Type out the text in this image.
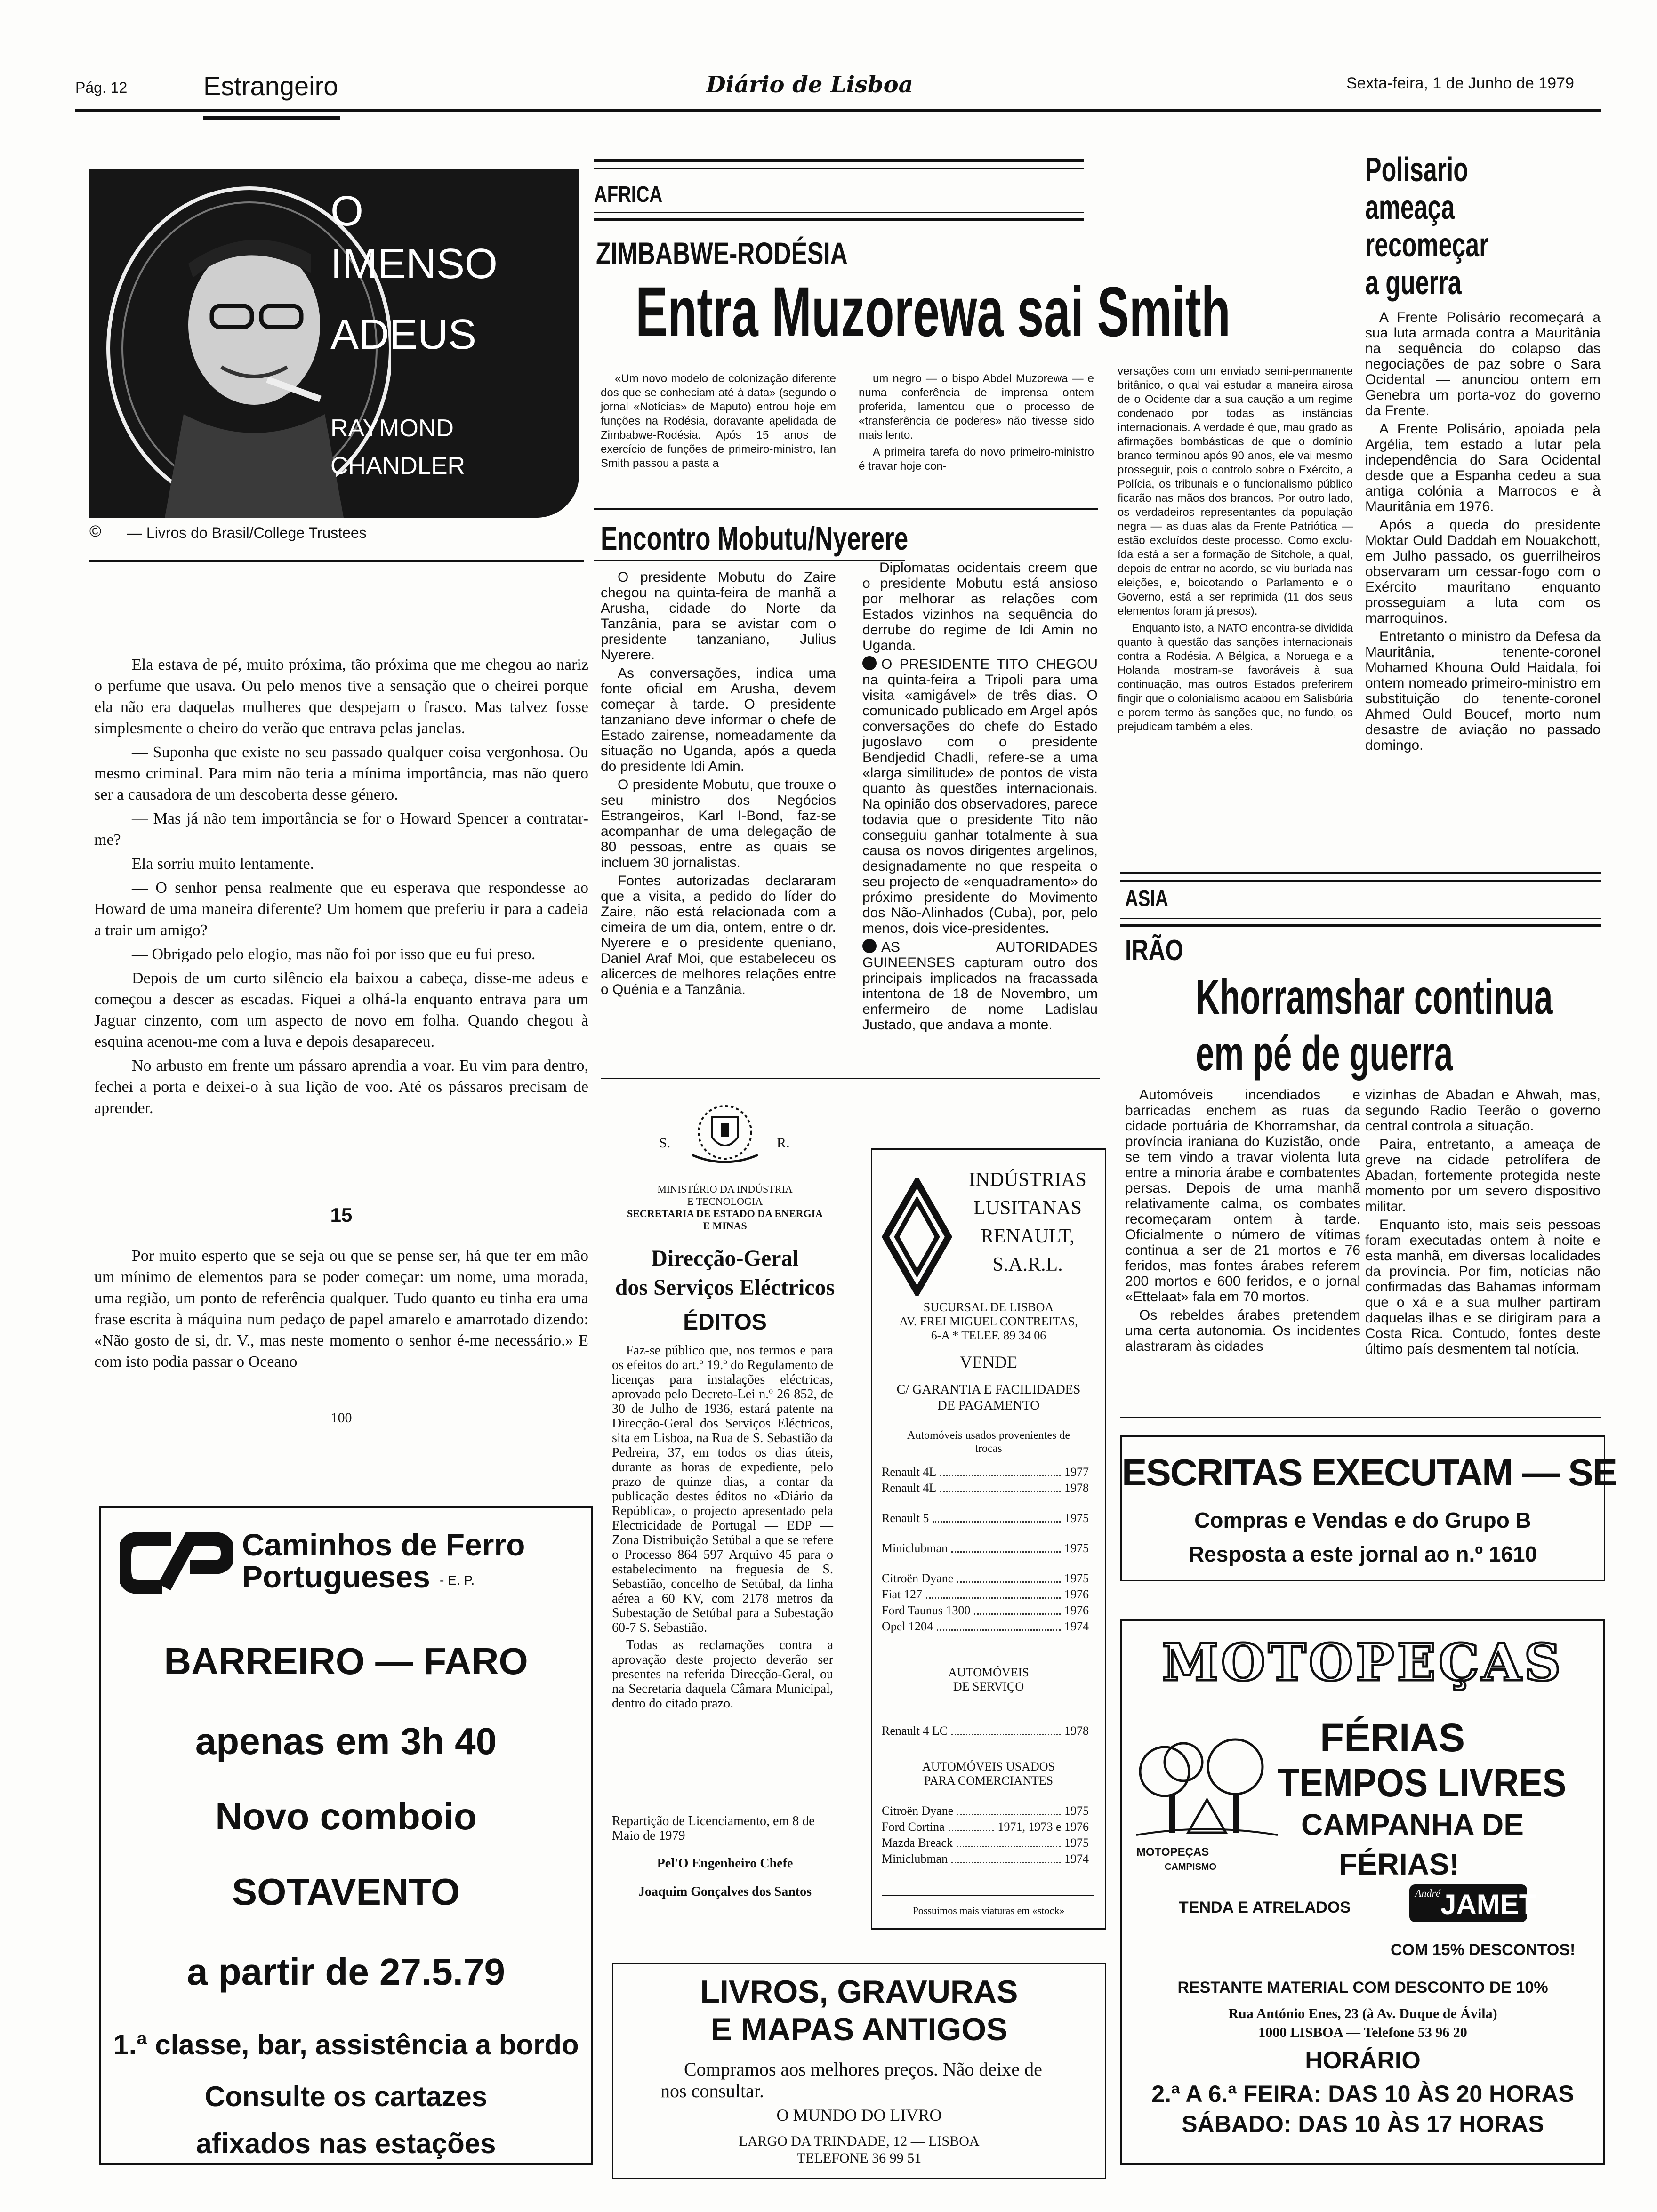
Pág. 12	Estrangeiro	Diário de Lisboa	Sexta-feira, 1 de Junho de 1979
O
IMENSO
ADEUS
RAYMOND
CHANDLER
© — Livros do Brasil/College Trustees

Ela estava de pé, muito próxima, tão próxima que me chegou ao nariz o perfume que usava. Ou pelo menos tive a sensação que o cheirei porque ela não era daquelas mulheres que despejam o frasco. Mas talvez fosse simplesmente o cheiro do verão que entrava pelas janelas.

— Suponha que existe no seu passado qualquer coisa vergonhosa. Ou mesmo criminal. Para mim não teria a mínima importância, mas não quero ser a causadora de um descoberta desse género.

— Mas já não tem importância se for o Howard Spencer a contratar-me?

Ela sorriu muito lentamente.

— O senhor pensa realmente que eu esperava que respondesse ao Howard de uma maneira diferente? Um homem que preferiu ir para a cadeia a trair um amigo?

— Obrigado pelo elogio, mas não foi por isso que eu fui preso.

Depois de um curto silêncio ela baixou a cabeça, disse-me adeus e começou a descer as escadas. Fiquei a olhá-la enquanto entrava para um Jaguar cinzento, com um aspecto de novo em folha. Quando chegou à esquina acenou-me com a luva e depois desapareceu.

No arbusto em frente um pássaro aprendia a voar. Eu vim para dentro, fechei a porta e deixei-o à sua lição de voo. Até os pássaros precisam de aprender.

15
Por muito esperto que se seja ou que se pense ser, há que ter em mão um mínimo de elementos para se poder começar: um nome, uma morada, uma região, um ponto de referência qualquer. Tudo quanto eu tinha era uma frase escrita à máquina num pedaço de papel amarelo e amarrotado dizendo: «Não gosto de si, dr. V., mas neste momento o senhor é-me necessário.» E com isto podia passar o Oceano
100
Caminhos de Ferro
Portugueses - E. P.
BARREIRO — FARO
apenas em 3h 40
Novo comboio
SOTAVENTO
a partir de 27.5.79
1.ª classe, bar, assistência a bordo
Consulte os cartazes
afixados nas estações
AFRICA
ZIMBABWE-RODÉSIA
Entra Muzorewa sai Smith
«Um novo modelo de colonização diferente dos que se conheciam até à data» (segundo o jornal «Notícias» de Maputo) entrou hoje em funções na Rodésia, doravante apelidada de Zimbabwe-Rodésia. Após 15 anos de exercício de funções de primeiro-ministro, Ian Smith passou a pasta a

um negro — o bispo Abdel Muzorewa — e numa conferência de imprensa ontem proferida, lamentou que o processo de «transferência de poderes» não tivesse sido mais lento.

A primeira tarefa do novo primeiro-ministro é travar hoje con-

versações com um enviado semi-permanente britânico, o qual vai estudar a maneira airosa de o Ocidente dar a sua caução a um regime condenado por todas as instâncias internacionais. A verdade é que, mau grado as afirmações bombásticas de que o domínio branco terminou após 90 anos, ele vai mesmo prosseguir, pois o controlo sobre o Exército, a Polícia, os tribunais e o funcionalismo público ficarão nas mãos dos brancos. Por outro lado, os verdadeiros representantes da população negra — as duas alas da Frente Patriótica — estão excluídos deste processo. Como excluída está a ser a formação de Sitchole, a qual, depois de entrar no acordo, se viu burlada nas eleições, e, boicotando o Parlamento e o Governo, está a ser reprimida (11 dos seus elementos foram já presos).

Enquanto isto, a NATO encontra-se dividida quanto à questão das sanções internacionais contra a Rodésia. A Bélgica, a Noruega e a Holanda mostram-se favoráveis à sua continuação, mas outros Estados preferirem fingir que o colonialismo acabou em Salisbúria e porem termo às sanções que, no fundo, os prejudicam também a eles.

Encontro Mobutu/Nyerere

O presidente Mobutu do Zaire chegou na quinta-feira de manhã a Arusha, cidade do Norte da Tanzânia, para se avistar com o presidente tanzaniano, Julius Nyerere.

As conversações, indica uma fonte oficial em Arusha, devem começar à tarde. O presidente tanzaniano deve informar o chefe de Estado zairense, nomeadamente da situação no Uganda, após a queda do presidente Idi Amin.

O presidente Mobutu, que trouxe o seu ministro dos Negócios Estrangeiros, Karl I-Bond, faz-se acompanhar de uma delegação de 80 pessoas, entre as quais se incluem 30 jornalistas.

Fontes autorizadas declararam que a visita, a pedido do líder do Zaire, não está relacionada com a cimeira de um dia, ontem, entre o dr. Nyerere e o presidente queniano, Daniel Araf Moi, que estabeleceu os alicerces de melhores relações entre o Quénia e a Tanzânia.

Diplomatas ocidentais creem que o presidente Mobutu está ansioso por melhorar as relações com Estados vizinhos na sequência do derrube do regime de Idi Amin no Uganda.

O PRESIDENTE TITO CHEGOU na quinta-feira a Tripoli para uma visita «amigável» de três dias. O comunicado publicado em Argel após conversações do chefe do Estado jugoslavo com o presidente Bendjedid Chadli, refere-se a uma «larga similitude» de pontos de vista quanto às questões internacionais. Na opinião dos observadores, parece todavia que o presidente Tito não conseguiu ganhar totalmente à sua causa os novos dirigentes argelinos, designadamente no que respeita o seu projecto de «enquadramento» do próximo presidente do Movimento dos Não-Alinhados (Cuba), por, pelo menos, dois vice-presidentes.

AS AUTORIDADES GUINEENSES capturam outro dos principais implicados na fracassada intentona de 18 de Novembro, um enfermeiro de nome Ladislau Justado, que andava a monte.

Polisario
ameaça
recomeçar
a guerra

A Frente Polisário recomeçará a sua luta armada contra a Mauritânia na sequência do colapso das negociações de paz sobre o Sara Ocidental — anunciou ontem em Genebra um porta-voz do governo da Frente.

A Frente Polisário, apoiada pela Argélia, tem estado a lutar pela independência do Sara Ocidental desde que a Espanha cedeu a sua antiga colónia a Marrocos e à Mauritânia em 1976.

Após a queda do presidente Moktar Ould Daddah em Nouakchott, em Julho passado, os guerrilheiros observaram um cessar-fogo com o Exército mauritano enquanto prosseguiam a luta com os marroquinos.

Entretanto o ministro da Defesa da Mauritânia, tenente-coronel Mohamed Khouna Ould Haidala, foi ontem nomeado primeiro-ministro em substituição do tenente-coronel Ahmed Ould Boucef, morto num desastre de aviação no passado domingo.

ASIA
IRÃO
Khorramshar continua
em pé de guerra

Automóveis incendiados e barricadas enchem as ruas da cidade portuária de Khorramshar, da província iraniana do Kuzistão, onde se tem vindo a travar violenta luta entre a minoria árabe e combatentes persas. Depois de uma manhã relativamente calma, os combates recomeçaram ontem à tarde. Oficialmente o número de vítimas continua a ser de 21 mortos e 76 feridos, mas fontes árabes referem 200 mortos e 600 feridos, e o jornal «Ettelaat» fala em 70 mortos.

Os rebeldes árabes pretendem uma certa autonomia. Os incidentes alastraram às cidades

vizinhas de Abadan e Ahwah, mas, segundo Radio Teerão o governo central controla a situação.

Paira, entretanto, a ameaça de greve na cidade petrolífera de Abadan, fortemente protegida neste momento por um severo dispositivo militar.

Enquanto isto, mais seis pessoas foram executadas ontem à noite e esta manhã, em diversas localidades da província. Por fim, notícias não confirmadas das Bahamas informam que o xá e a sua mulher partiram daquelas ilhas e se dirigiram para a Costa Rica. Contudo, fontes deste último país desmentem tal notícia.

S.	R.
MINISTÉRIO DA INDÚSTRIA
E TECNOLOGIA
SECRETARIA DE ESTADO DA ENERGIA
E MINAS
Direcção-Geral
dos Serviços Eléctricos
ÉDITOS

Faz-se público que, nos termos e para os efeitos do art.º 19.º do Regulamento de licenças para instalações eléctricas, aprovado pelo Decreto-Lei n.º 26 852, de 30 de Julho de 1936, estará patente na Direcção-Geral dos Serviços Eléctricos, sita em Lisboa, na Rua de S. Sebastião da Pedreira, 37, em todos os dias úteis, durante as horas de expediente, pelo prazo de quinze dias, a contar da publicação destes éditos no «Diário da República», o projecto apresentado pela Electricidade de Portugal — EDP — Zona Distribuição Setúbal a que se refere o Processo 864 597 Arquivo 45 para o estabelecimento na freguesia de S. Sebastião, concelho de Setúbal, da linha aérea a 60 KV, com 2178 metros da Subestação de Setúbal para a Subestação 60-7 S. Sebastião.

Todas as reclamações contra a aprovação deste projecto deverão ser presentes na referida Direcção-Geral, ou na Secretaria daquela Câmara Municipal, dentro do citado prazo.

Repartição de Licenciamento, em 8 de Maio de 1979
Pel'O Engenheiro Chefe
Joaquim Gonçalves dos Santos
INDÚSTRIAS
LUSITANAS
RENAULT,
S.A.R.L.
SUCURSAL DE LISBOA
AV. FREI MIGUEL CONTREITAS,
6-A * TELEF. 89 34 06
VENDE
C/ GARANTIA E FACILIDADES
DE PAGAMENTO
Automóveis usados provenientes de
trocas
Renault 4L	1977
Renault 4L	1978
Renault 5	1975
Miniclubman	1975
Citroën Dyane	1975
Fiat 127	1976
Ford Taunus 1300	1976
Opel 1204	1974
AUTOMÓVEIS
DE SERVIÇO
Renault 4 LC	1978
AUTOMÓVEIS USADOS
PARA COMERCIANTES
Citroën Dyane	1975
Ford Cortina	1971, 1973 e 1976
Mazda Breack	1975
Miniclubman	1974
Possuímos mais viaturas em «stock»
LIVROS, GRAVURAS
E MAPAS ANTIGOS
Compramos aos melhores preços. Não deixe de
nos consultar.
O MUNDO DO LIVRO
LARGO DA TRINDADE, 12 — LISBOA
TELEFONE 36 99 51
ESCRITAS EXECUTAM — SE
Compras e Vendas e do Grupo B
Resposta a este jornal ao n.º 1610
MOTOPEÇAS
MOTOPEÇAS
CAMPISMO
FÉRIAS
TEMPOS LIVRES
CAMPANHA DE
FÉRIAS!
TENDA E ATRELADOS
André JAMET
COM 15% DESCONTOS!
RESTANTE MATERIAL COM DESCONTO DE 10%
Rua António Enes, 23 (à Av. Duque de Ávila)
1000 LISBOA — Telefone 53 96 20
HORÁRIO
2.ª A 6.ª FEIRA: DAS 10 ÀS 20 HORAS
SÁBADO: DAS 10 ÀS 17 HORAS
